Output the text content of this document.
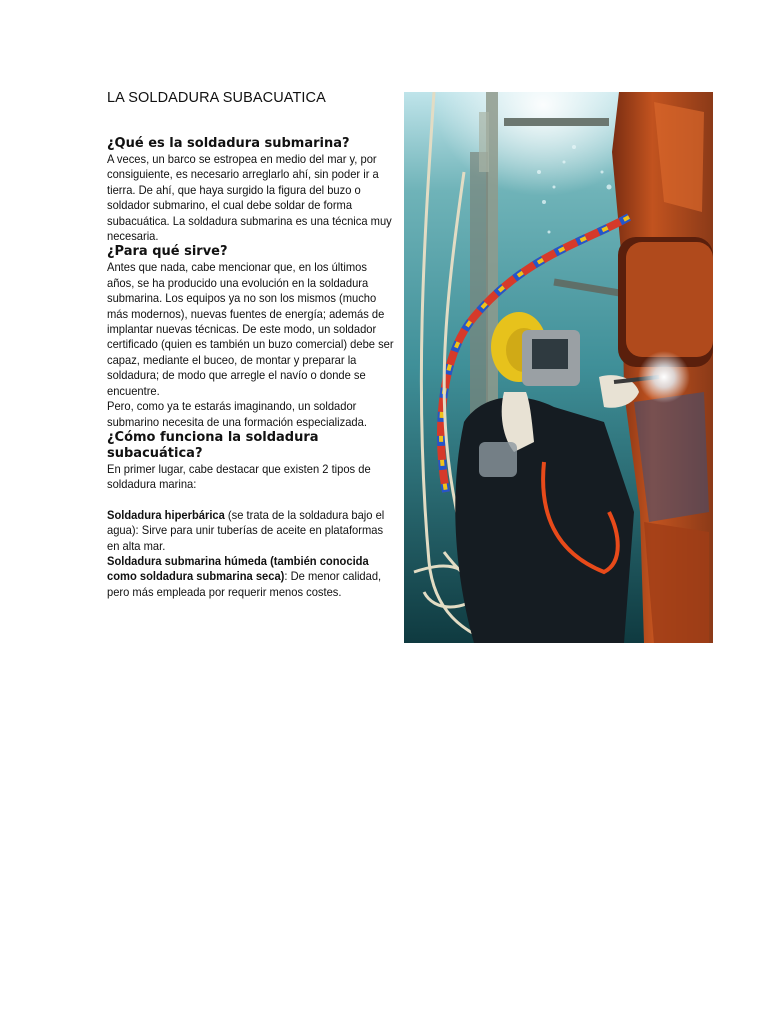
LA SOLDADURA SUBACUATICA
¿Qué es la soldadura submarina?

A veces, un barco se estropea en medio del mar y, por consiguiente, es necesario arreglarlo ahí, sin poder ir a tierra. De ahí, que haya surgido la figura del buzo o soldador submarino, el cual debe soldar de forma subacuática. La soldadura submarina es una técnica muy necesaria.

¿Para qué sirve?

Antes que nada, cabe mencionar que, en los últimos años, se ha producido una evolución en la soldadura submarina. Los equipos ya no son los mismos (mucho más modernos), nuevas fuentes de energía; además de implantar nuevas técnicas. De este modo, un soldador certificado (quien es también un buzo comercial) debe ser capaz, mediante el buceo, de montar y preparar la soldadura; de modo que arregle el navío o donde se encuentre.

Pero, como ya te estarás imaginando, un soldador submarino necesita de una formación especializada.

¿Cómo funciona la soldadura subacuática?

En primer lugar, cabe destacar que existen 2 tipos de soldadura marina:

Soldadura hiperbárica (se trata de la soldadura bajo el agua): Sirve para unir tuberías de aceite en plataformas en alta mar.

Soldadura submarina húmeda (también conocida como soldadura submarina seca): De menor calidad, pero más empleada por requerir menos costes.
